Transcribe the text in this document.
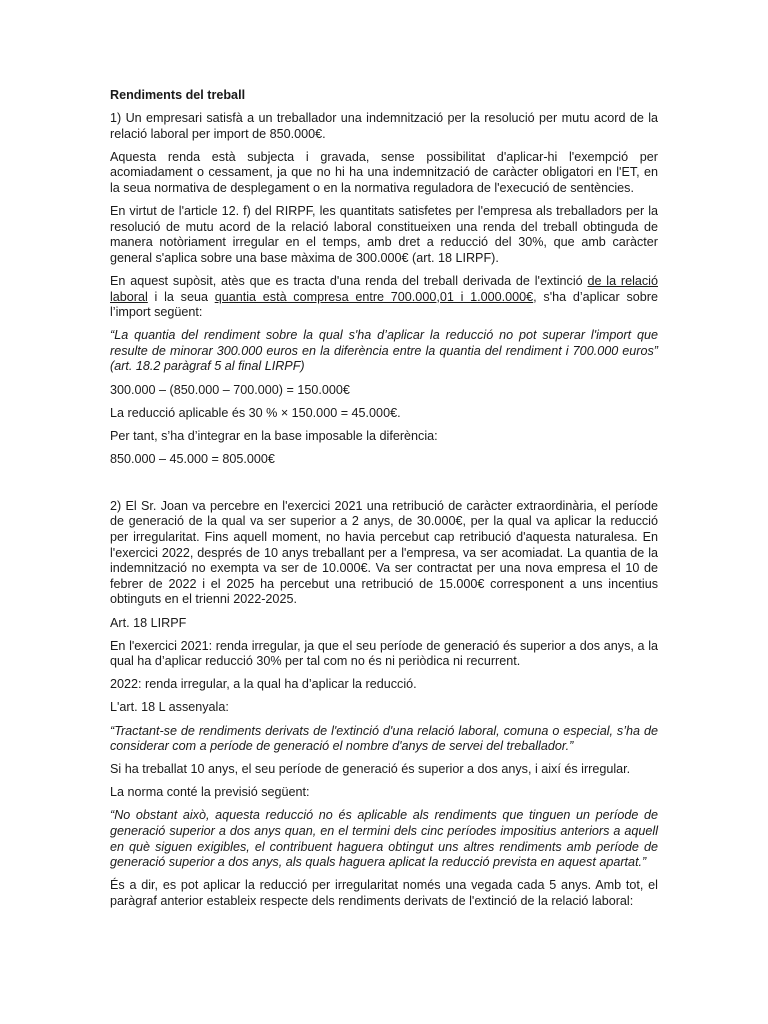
Rendiments del treball

1) Un empresari satisfà a un treballador una indemnització per la resolució per mutu acord de la relació laboral per import de 850.000€.

Aquesta renda està subjecta i gravada, sense possibilitat d'aplicar-hi l'exempció per acomiadament o cessament, ja que no hi ha una indemnització de caràcter obligatori en l'ET, en la seua normativa de desplegament o en la normativa reguladora de l'execució de sentències.

En virtut de l'article 12. f) del RIRPF, les quantitats satisfetes per l'empresa als treballadors per la resolució de mutu acord de la relació laboral constitueixen una renda del treball obtinguda de manera notòriament irregular en el temps, amb dret a reducció del 30%, que amb caràcter general s'aplica sobre una base màxima de 300.000€ (art. 18 LIRPF).

En aquest supòsit, atès que es tracta d'una renda del treball derivada de l'extinció de la relació laboral i la seua quantia està compresa entre 700.000,01 i 1.000.000€, s'ha d’aplicar sobre l’import següent:

“La quantia del rendiment sobre la qual s'ha d’aplicar la reducció no pot superar l'import que resulte de minorar 300.000 euros en la diferència entre la quantia del rendiment i 700.000 euros” (art. 18.2 paràgraf 5 al final LIRPF)

300.000 – (850.000 – 700.000) = 150.000€

La reducció aplicable és 30 % × 150.000 = 45.000€.

Per tant, s’ha d’integrar en la base imposable la diferència:

850.000 – 45.000 = 805.000€

2) El Sr. Joan va percebre en l'exercici 2021 una retribució de caràcter extraordinària, el període de generació de la qual va ser superior a 2 anys, de 30.000€, per la qual va aplicar la reducció per irregularitat. Fins aquell moment, no havia percebut cap retribució d'aquesta naturalesa. En l'exercici 2022, després de 10 anys treballant per a l'empresa, va ser acomiadat. La quantia de la indemnització no exempta va ser de 10.000€. Va ser contractat per una nova empresa el 10 de febrer de 2022 i el 2025 ha percebut una retribució de 15.000€ corresponent a uns incentius obtinguts en el trienni 2022-2025.

Art. 18 LIRPF

En l'exercici 2021: renda irregular, ja que el seu període de generació és superior a dos anys, a la qual ha d’aplicar reducció 30% per tal com no és ni periòdica ni recurrent.

2022: renda irregular, a la qual ha d’aplicar la reducció.

L'art. 18 L assenyala:

“Tractant-se de rendiments derivats de l'extinció d'una relació laboral, comuna o especial, s’ha de considerar com a període de generació el nombre d'anys de servei del treballador.”

Si ha treballat 10 anys, el seu període de generació és superior a dos anys, i així és irregular.

La norma conté la previsió següent:

“No obstant això, aquesta reducció no és aplicable als rendiments que tinguen un període de generació superior a dos anys quan, en el termini dels cinc períodes impositius anteriors a aquell en què siguen exigibles, el contribuent haguera obtingut uns altres rendiments amb període de generació superior a dos anys, als quals haguera aplicat la reducció prevista en aquest apartat.”

És a dir, es pot aplicar la reducció per irregularitat només una vegada cada 5 anys. Amb tot, el paràgraf anterior estableix respecte dels rendiments derivats de l'extinció de la relació laboral:
